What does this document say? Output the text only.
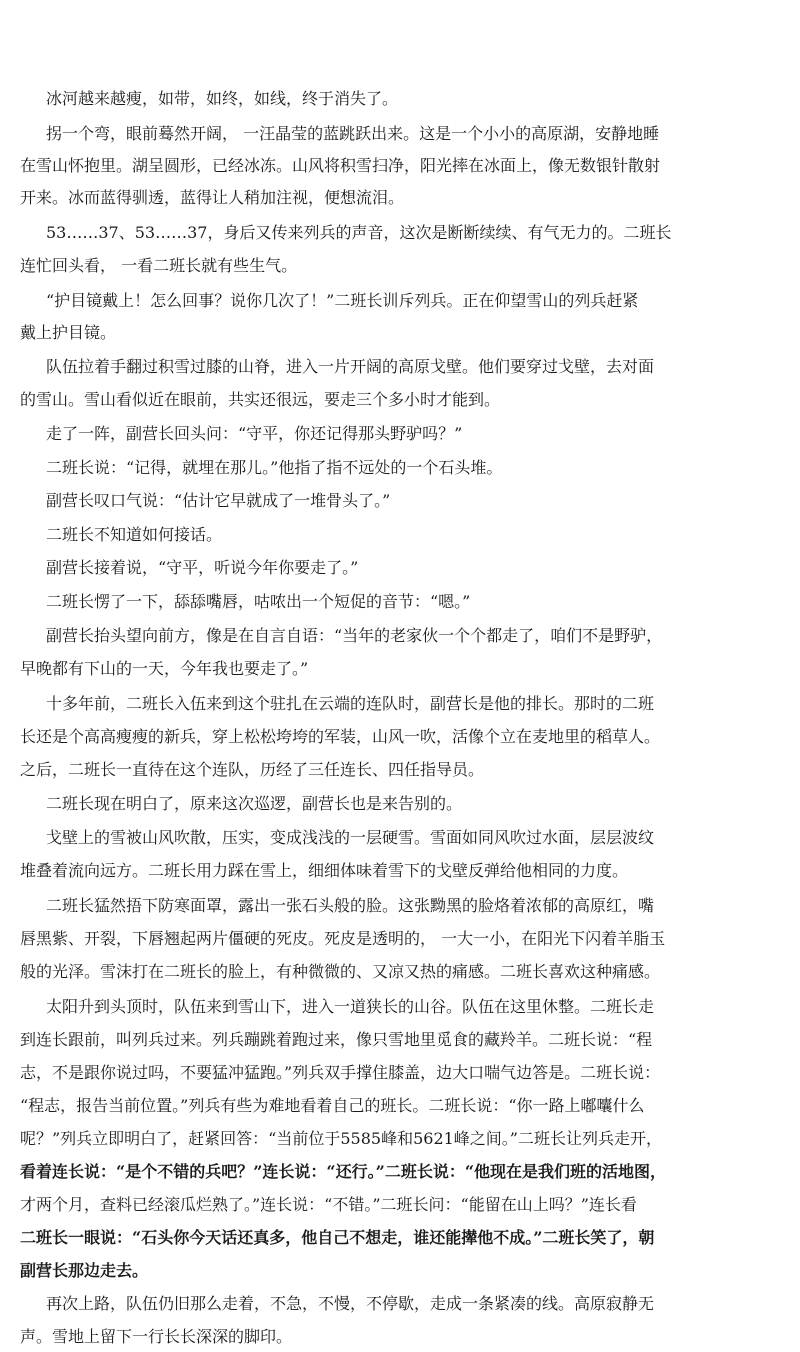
冰河越来越瘦，如带，如终，如线，终于消失了。

拐一个弯，眼前蓦然开阔， 一汪晶莹的蓝跳跃出来。这是一个小小的高原湖，安静地睡

在雪山怀抱里。湖呈圆形，已经冰冻。山风将积雪扫净，阳光摔在冰面上，像无数银针散射

开来。冰而蓝得驯透，蓝得让人稍加注视，便想流泪。

53……37、53……37，身后又传来列兵的声音，这次是断断续续、有气无力的。二班长

连忙回头看， 一看二班长就有些生气。

“护目镜戴上！怎么回事？说你几次了！”二班长训斥列兵。正在仰望雪山的列兵赶紧

戴上护目镜。

队伍拉着手翻过积雪过膝的山脊，进入一片开阔的高原戈壁。他们要穿过戈壁，去对面

的雪山。雪山看似近在眼前，共实还很远，要走三个多小时才能到。

走了一阵，副营长回头问：“守平，你还记得那头野驴吗？”

二班长说：“记得，就埋在那儿。”他指了指不远处的一个石头堆。

副营长叹口气说：“估计它早就成了一堆骨头了。”

二班长不知道如何接话。

副营长接着说，“守平，听说今年你要走了。”

二班长愣了一下，舔舔嘴唇，咕哝出一个短促的音节：“嗯。”

副营长抬头望向前方，像是在自言自语：“当年的老家伙一个个都走了，咱们不是野驴，

早晚都有下山的一天，今年我也要走了。”

十多年前，二班长入伍来到这个驻扎在云端的连队时，副营长是他的排长。那时的二班

长还是个高高瘦瘦的新兵，穿上松松垮垮的军装，山风一吹，活像个立在麦地里的稻草人。

之后，二班长一直待在这个连队，历经了三任连长、四任指导员。

二班长现在明白了，原来这次巡逻，副营长也是来告别的。

戈壁上的雪被山风吹散，压实，变成浅浅的一层硬雪。雪面如同风吹过水面，层层波纹

堆叠着流向远方。二班长用力踩在雪上，细细体味着雪下的戈壁反弹给他相同的力度。

二班长猛然捂下防寒面罩，露出一张石头般的脸。这张黝黑的脸烙着浓郁的高原红，嘴

唇黑紫、开裂，下唇翘起两片僵硬的死皮。死皮是透明的， 一大一小，在阳光下闪着羊脂玉

般的光泽。雪沫打在二班长的脸上，有种微微的、又凉又热的痛感。二班长喜欢这种痛感。

太阳升到头顶时，队伍来到雪山下，进入一道狭长的山谷。队伍在这里休整。二班长走

到连长跟前，叫列兵过来。列兵蹦跳着跑过来，像只雪地里觅食的藏羚羊。二班长说：“程

志，不是跟你说过吗，不要猛冲猛跑。”列兵双手撑住膝盖，边大口喘气边答是。二班长说：

“程志，报告当前位置。”列兵有些为难地看着自己的班长。二班长说：“你一路上嘟囔什么

呢？”列兵立即明白了，赶紧回答：“当前位于5585峰和5621峰之间。”二班长让列兵走开，

看着连长说：“是个不错的兵吧？”连长说：“还行。”二班长说：“他现在是我们班的活地图，

才两个月，查料已经滚瓜烂熟了。”连长说：“不错。”二班长问：“能留在山上吗？”连长看

二班长一眼说：“石头你今天话还真多，他自己不想走，谁还能撵他不成。”二班长笑了，朝

副营长那边走去。

再次上路，队伍仍旧那么走着，不急，不慢，不停歇，走成一条紧凑的线。高原寂静无

声。雪地上留下一行长长深深的脚印。
